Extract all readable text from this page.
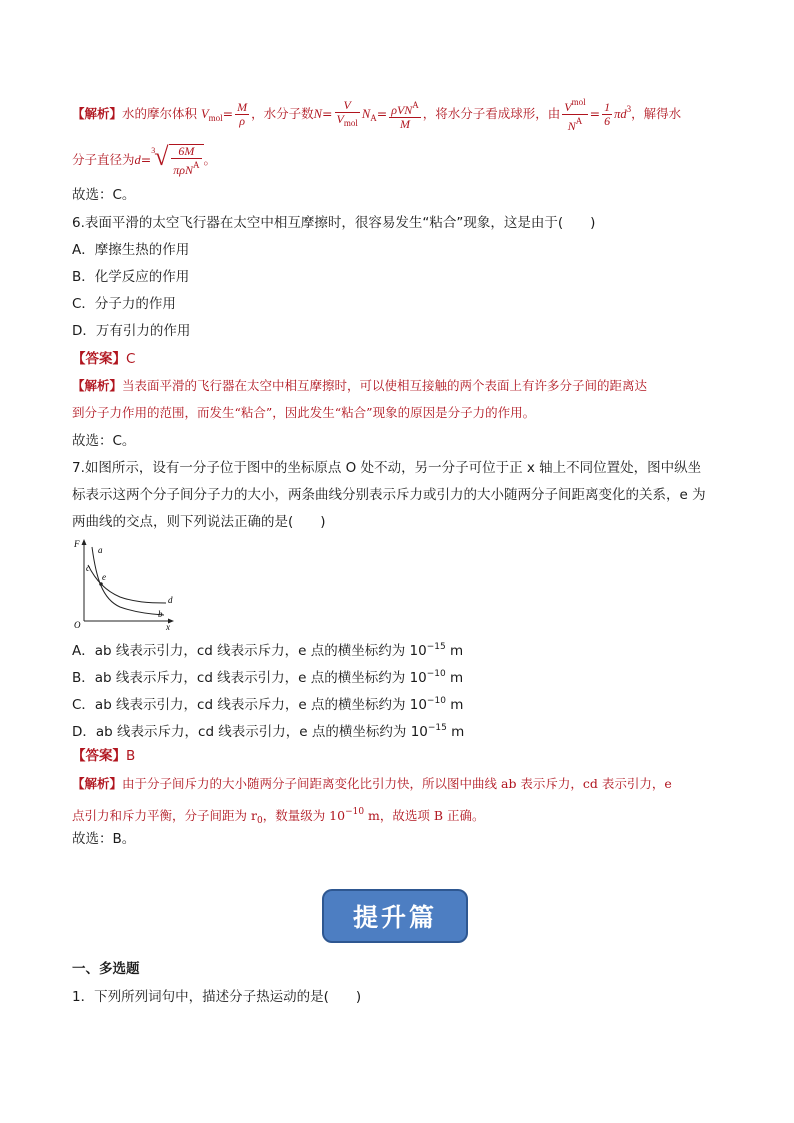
【解析】水的摩尔体积 $V_{mol}= \frac{M}{\rho}$ ，水分子数$N= \frac{V}{V_{mol}} N_A= \frac{\rho VN^A}{M}$ ，将水分子看成球形，由 $\frac{V^{mol}}{N^A} = \frac{1}{6} \pi d^3$，解得水
分子直径为d=
3 √ $\frac{6M}{\pi\rho N^A}$ 。
故选：C。
6.表面平滑的太空飞行器在太空中相互摩擦时，很容易发生“粘合”现象，这是由于(　　)
A．摩擦生热的作用
B．化学反应的作用
C．分子力的作用
D．万有引力的作用
【答案】C
【解析】当表面平滑的飞行器在太空中相互摩擦时，可以使相互接触的两个表面上有许多分子间的距离达
到分子力作用的范围，而发生“粘合”，因此发生“粘合”现象的原因是分子力的作用。
故选：C。
7.如图所示，设有一分子位于图中的坐标原点 O 处不动，另一分子可位于正 x 轴上不同位置处，图中纵坐
标表示这两个分子间分子力的大小，两条曲线分别表示斥力或引力的大小随两分子间距离变化的关系，e 为
两曲线的交点，则下列说法正确的是(　　)
F
O	x
a
b
c
d
e
A．ab 线表示引力，cd 线表示斥力，e 点的横坐标约为 $10^{-15}$ m
B．ab 线表示斥力，cd 线表示引力，e 点的横坐标约为 $10^{-10}$ m
C．ab 线表示引力，cd 线表示斥力，e 点的横坐标约为 $10^{-10}$ m
D．ab 线表示斥力，cd 线表示引力，e 点的横坐标约为 $10^{-15}$ m
【答案】B
【解析】由于分子间斥力的大小随两分子间距离变化比引力快，所以图中曲线 ab 表示斥力，cd 表示引力，e
点引力和斥力平衡，分子间距为 $r_0$，数量级为 $10^{-10}$ m，故选项 B 正确。
故选：B。
提升篇
一、多选题
1．下列所列词句中，描述分子热运动的是(　　)
